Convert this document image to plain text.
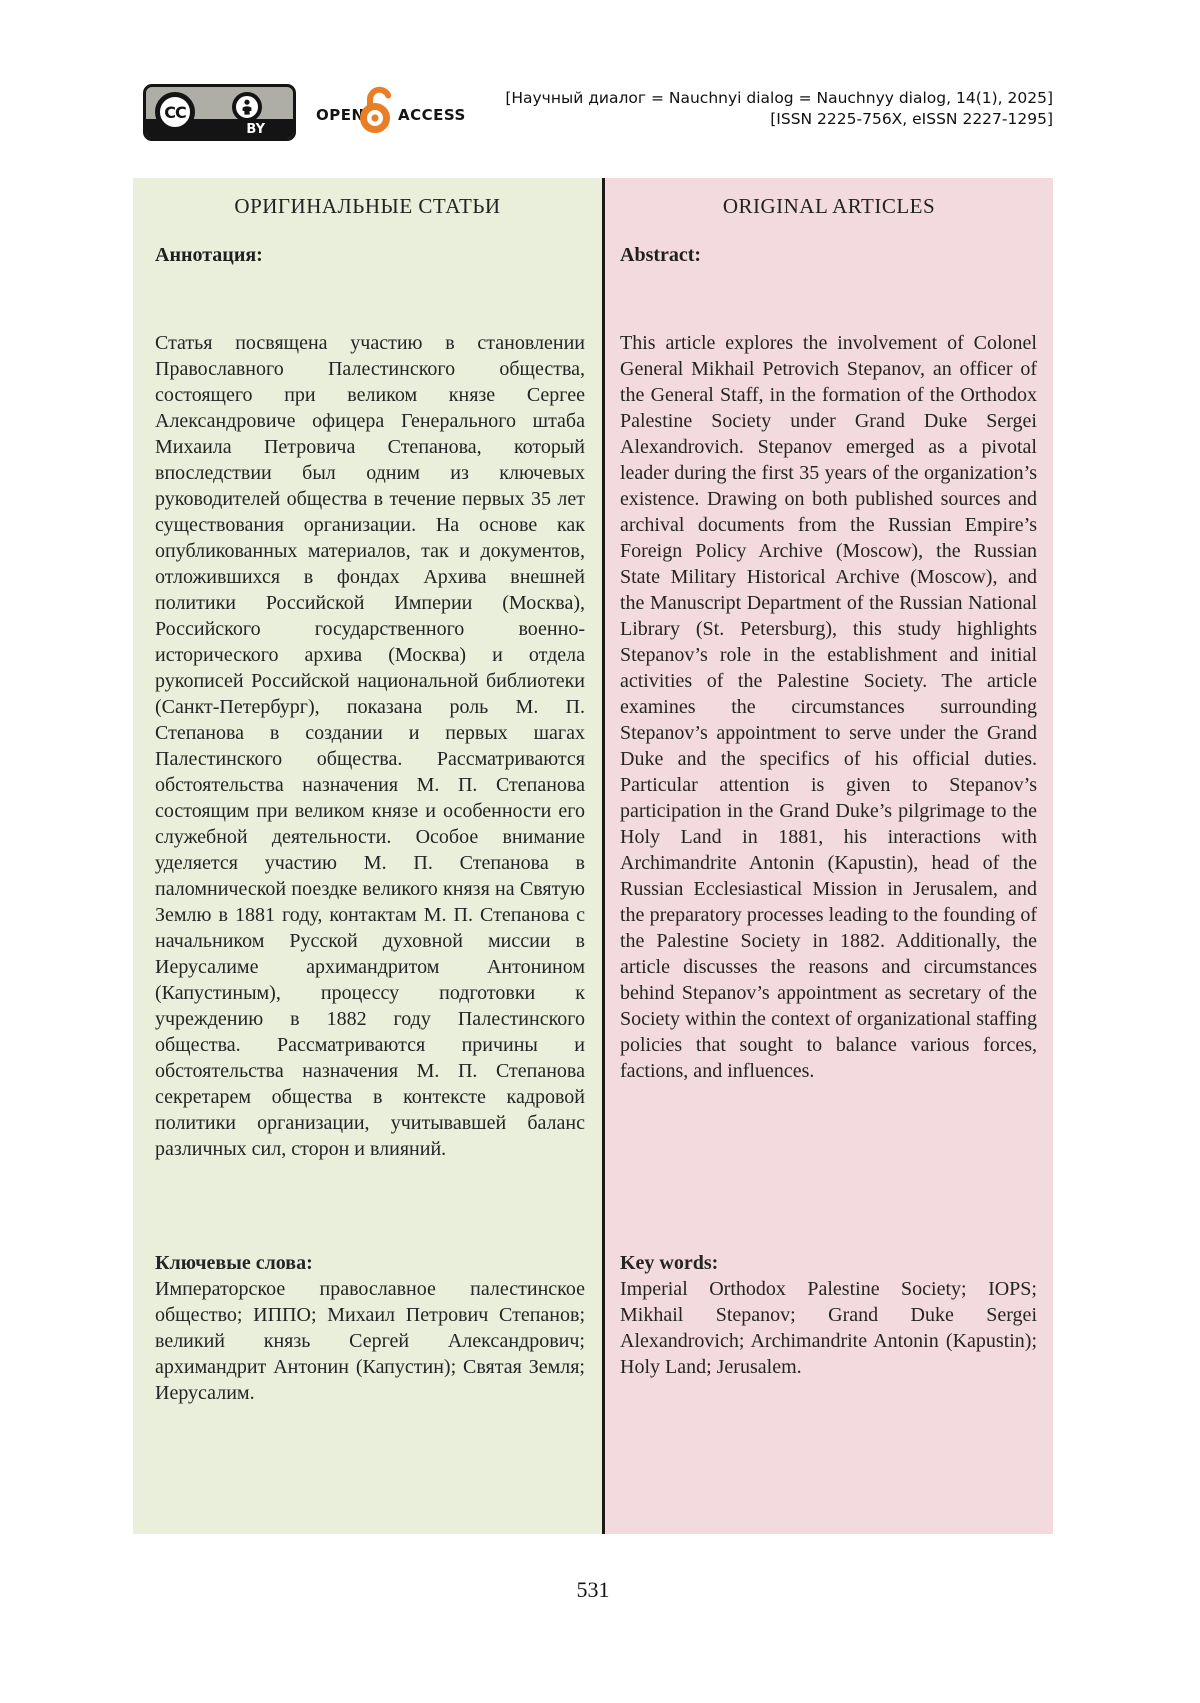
CC
BY
OPEN ACCESS
[Научный диалог = Nauchnyi dialog = Nauchnyy dialog, 14(1), 2025]
[ISSN 2225-756X, eISSN 2227-1295]
ОРИГИНАЛЬНЫЕ СТАТЬИ
Аннотация:
Статья посвящена участию в становлении Православного Палестинского общества, состоящего при великом князе Сергее Александровиче офицера Генерального штаба Михаила Петровича Степанова, который впоследствии был одним из ключевых руководителей общества в течение первых 35 лет существования организации. На основе как опубликованных материалов, так и документов, отложившихся в фондах Архива внешней политики Российской Империи (Москва), Российского государственного военно-исторического архива (Москва) и отдела рукописей Российской национальной библиотеки (Санкт-Петербург), показана роль М. П. Степанова в создании и первых шагах Палестинского общества. Рассматриваются обстоятельства назначения М. П. Степанова состоящим при великом князе и особенности его служебной деятельности. Особое внимание уделяется участию М. П. Степанова в паломнической поездке великого князя на Святую Землю в 1881 году, контактам М. П. Степанова с начальником Русской духовной миссии в Иерусалиме архимандритом Антонином (Капустиным), процессу подготовки к учреждению в 1882 году Палестинского общества. Рассматриваются причины и обстоятельства назначения М. П. Степанова секретарем общества в контексте кадровой политики организации, учитывавшей баланс различных сил, сторон и влияний.
Ключевые слова:
Императорское православное палестинское общество; ИППО; Михаил Петрович Степанов; великий князь Сергей Александрович; архимандрит Антонин (Капустин); Святая Земля; Иерусалим.
ORIGINAL ARTICLES
Abstract:
This article explores the involvement of Colonel General Mikhail Petrovich Stepanov, an officer of the General Staff, in the formation of the Orthodox Palestine Society under Grand Duke Sergei Alexandrovich. Stepanov emerged as a pivotal leader during the first 35 years of the organization’s existence. Drawing on both published sources and archival documents from the Russian Empire’s Foreign Policy Archive (Moscow), the Russian State Military Historical Archive (Moscow), and the Manuscript Department of the Russian National Library (St. Petersburg), this study highlights Stepanov’s role in the establishment and initial activities of the Palestine Society. The article examines the circumstances surrounding Stepanov’s appointment to serve under the Grand Duke and the specifics of his official duties. Particular attention is given to Stepanov’s participation in the Grand Duke’s pilgrimage to the Holy Land in 1881, his interactions with Archimandrite Antonin (Kapustin), head of the Russian Ecclesiastical Mission in Jerusalem, and the preparatory processes leading to the founding of the Palestine Society in 1882. Additionally, the article discusses the reasons and circumstances behind Stepanov’s appointment as secretary of the Society within the context of organizational staffing policies that sought to balance various forces, factions, and influences.
Key words:
Imperial Orthodox Palestine Society; IOPS; Mikhail Stepanov; Grand Duke Sergei Alexandrovich; Archimandrite Antonin (Kapustin); Holy Land; Jerusalem.
531
